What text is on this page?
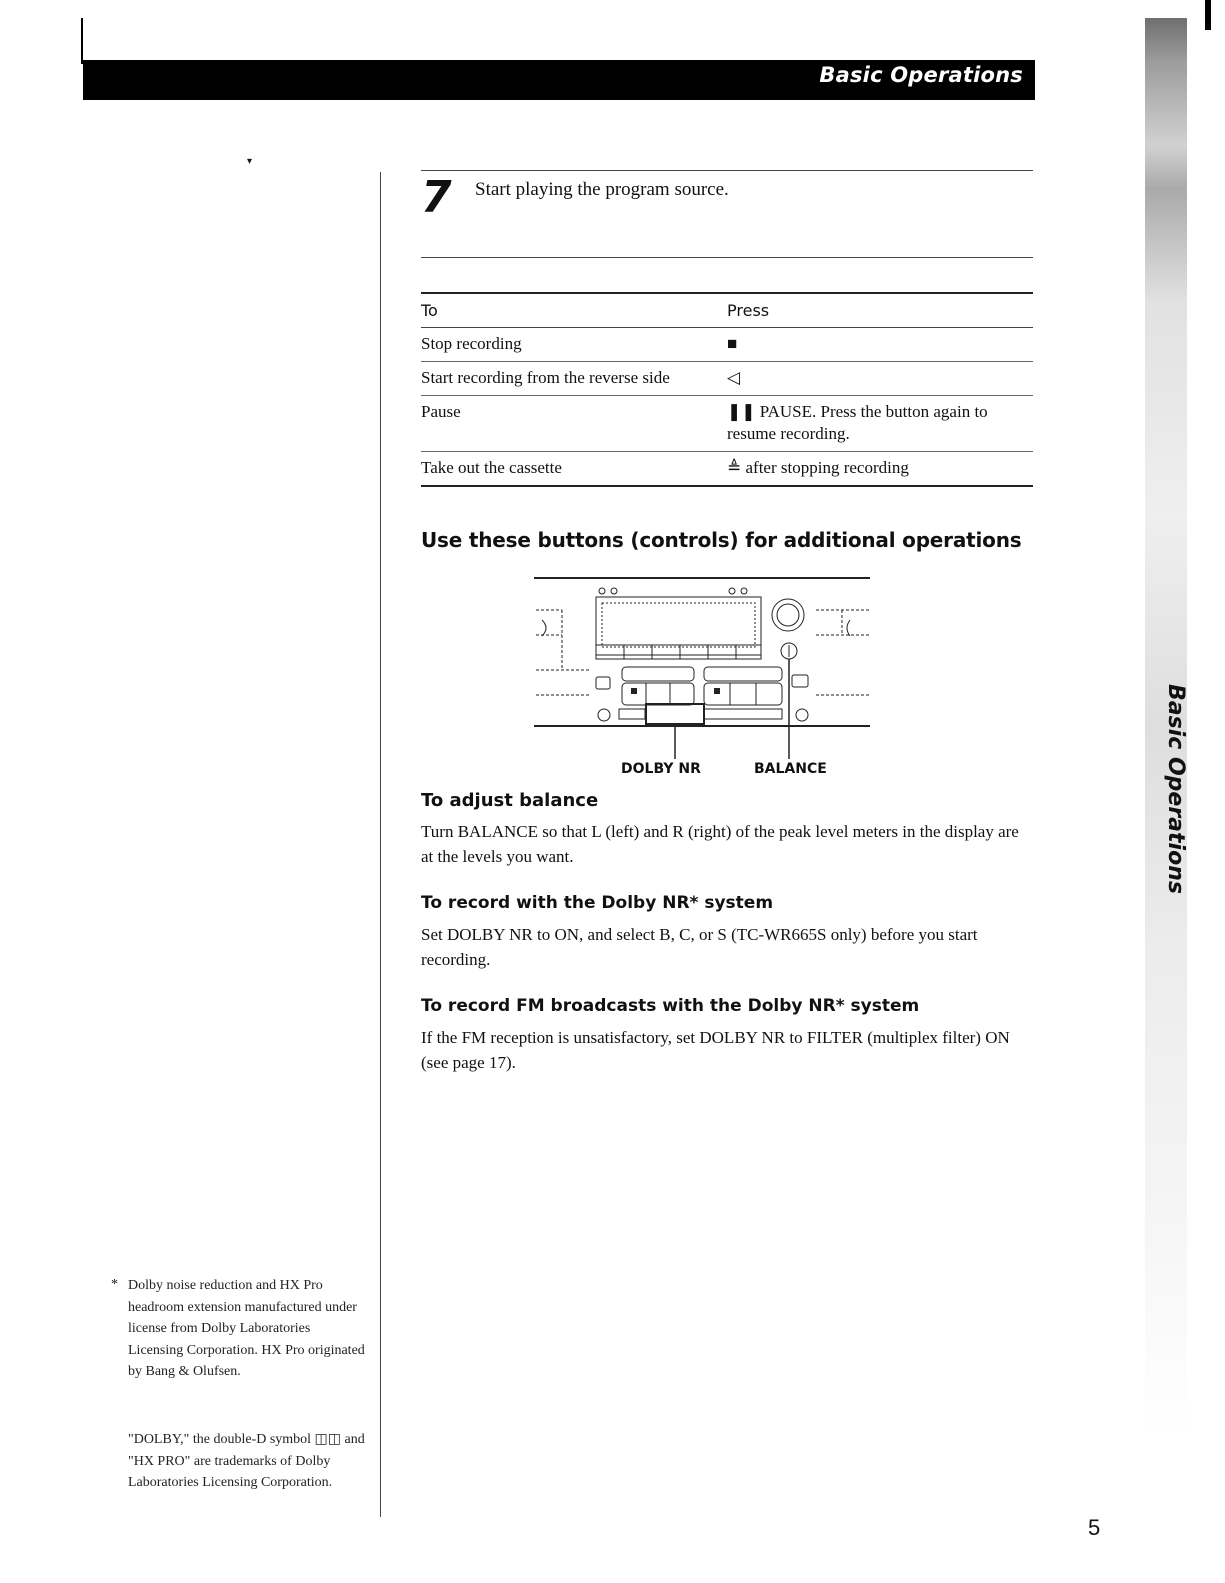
Basic Operations
Basic Operations
▾
7 Start playing the program source.
To	Press
Stop recording	■
Start recording from the reverse side	◁
Pause	❚❚ PAUSE. Press the button again to resume recording.
Take out the cassette	≜ after stopping recording
Use these buttons (controls) for additional operations
DOLBY NR	BALANCE
To adjust balance
Turn BALANCE so that L (left) and R (right) of the peak level meters in the display are at the levels you want.
To record with the Dolby NR* system
Set DOLBY NR to ON, and select B, C, or S (TC-WR665S only) before you start recording.
To record FM broadcasts with the Dolby NR* system
If the FM reception is unsatisfactory, set DOLBY NR to FILTER (multiplex filter) ON (see page 17).
* Dolby noise reduction and HX Pro headroom extension manufactured under license from Dolby Laboratories Licensing Corporation. HX Pro originated by Bang & Olufsen.
"DOLBY," the double-D symbol ◫◫ and "HX PRO" are trademarks of Dolby Laboratories Licensing Corporation.
5
